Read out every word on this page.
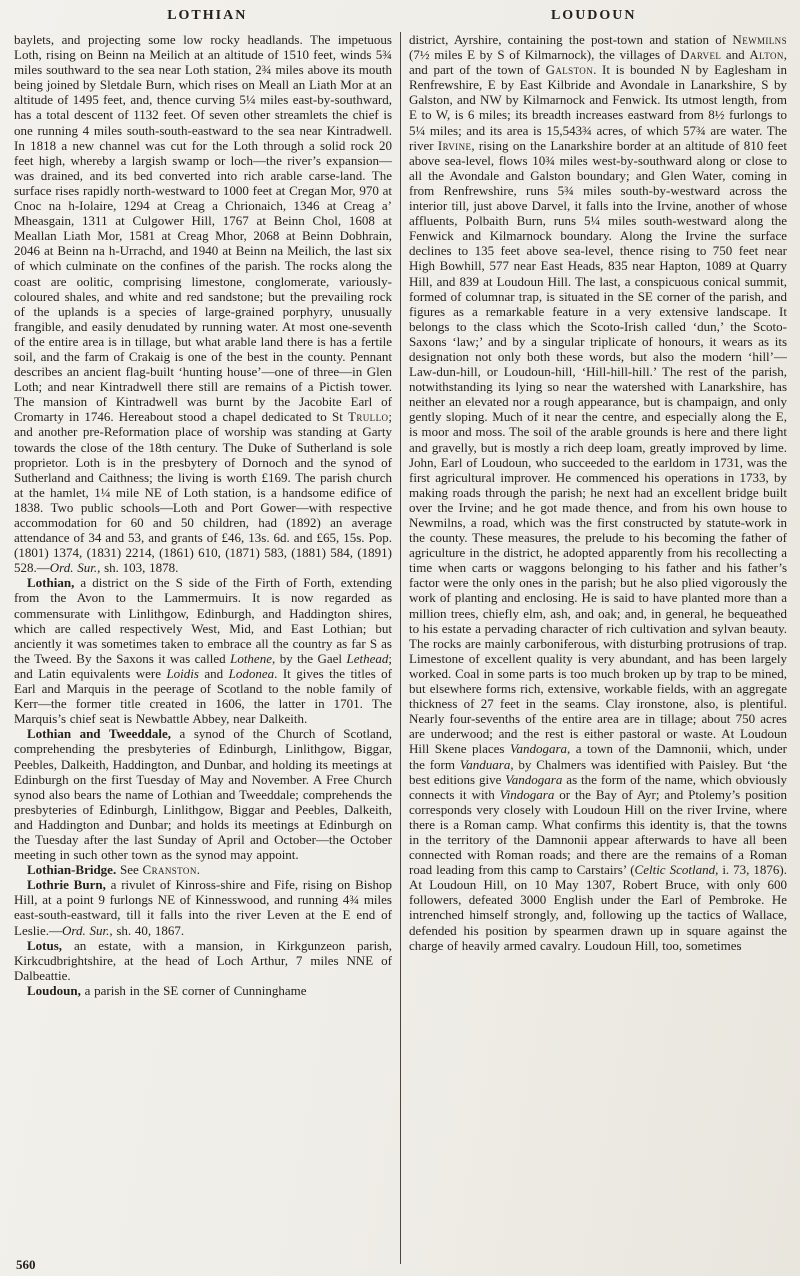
LOTHIAN	LOUDOUN

baylets, and projecting some low rocky headlands. The impetuous Loth, rising on Beinn na Meilich at an altitude of 1510 feet, winds 5¾ miles southward to the sea near Loth station, 2¾ miles above its mouth being joined by Sletdale Burn, which rises on Meall an Liath Mor at an altitude of 1495 feet, and, thence curving 5¼ miles east-by-southward, has a total descent of 1132 feet. Of seven other streamlets the chief is one running 4 miles south-south-eastward to the sea near Kintradwell. In 1818 a new channel was cut for the Loth through a solid rock 20 feet high, whereby a largish swamp or loch—the river’s expansion—was drained, and its bed converted into rich arable carse-land. The surface rises rapidly north-westward to 1000 feet at Cregan Mor, 970 at Cnoc na h-Iolaire, 1294 at Creag a Chrionaich, 1346 at Creag a’ Mheasgain, 1311 at Culgower Hill, 1767 at Beinn Chol, 1608 at Meallan Liath Mor, 1581 at Creag Mhor, 2068 at Beinn Dobhrain, 2046 at Beinn na h-Urrachd, and 1940 at Beinn na Meilich, the last six of which culminate on the confines of the parish. The rocks along the coast are oolitic, comprising limestone, conglomerate, variously-coloured shales, and white and red sandstone; but the prevailing rock of the uplands is a species of large-grained porphyry, unusually frangible, and easily denudated by running water. At most one-seventh of the entire area is in tillage, but what arable land there is has a fertile soil, and the farm of Crakaig is one of the best in the county. Pennant describes an ancient flag-built ‘hunting house’—one of three—in Glen Loth; and near Kintradwell there still are remains of a Pictish tower. The mansion of Kintradwell was burnt by the Jacobite Earl of Cromarty in 1746. Hereabout stood a chapel dedicated to St Trullo; and another pre-Reformation place of worship was standing at Garty towards the close of the 18th century. The Duke of Sutherland is sole proprietor. Loth is in the presbytery of Dornoch and the synod of Sutherland and Caithness; the living is worth £169. The parish church at the hamlet, 1¼ mile NE of Loth station, is a handsome edifice of 1838. Two public schools—Loth and Port Gower—with respective accommodation for 60 and 50 children, had (1892) an average attendance of 34 and 53, and grants of £46, 13s. 6d. and £65, 15s. Pop. (1801) 1374, (1831) 2214, (1861) 610, (1871) 583, (1881) 584, (1891) 528.—Ord. Sur., sh. 103, 1878.

Lothian, a district on the S side of the Firth of Forth, extending from the Avon to the Lammermuirs. It is now regarded as commensurate with Linlithgow, Edinburgh, and Haddington shires, which are called respectively West, Mid, and East Lothian; but anciently it was sometimes taken to embrace all the country as far S as the Tweed. By the Saxons it was called Lothene, by the Gael Lethead; and Latin equivalents were Loidis and Lodonea. It gives the titles of Earl and Marquis in the peerage of Scotland to the noble family of Kerr—the former title created in 1606, the latter in 1701. The Marquis’s chief seat is Newbattle Abbey, near Dalkeith.

Lothian and Tweeddale, a synod of the Church of Scotland, comprehending the presbyteries of Edinburgh, Linlithgow, Biggar, Peebles, Dalkeith, Haddington, and Dunbar, and holding its meetings at Edinburgh on the first Tuesday of May and November. A Free Church synod also bears the name of Lothian and Tweeddale; comprehends the presbyteries of Edinburgh, Linlithgow, Biggar and Peebles, Dalkeith, and Haddington and Dunbar; and holds its meetings at Edinburgh on the Tuesday after the last Sunday of April and October—the October meeting in such other town as the synod may appoint.

Lothian-Bridge. See Cranston.

Lothrie Burn, a rivulet of Kinross-shire and Fife, rising on Bishop Hill, at a point 9 furlongs NE of Kinnesswood, and running 4¾ miles east-south-eastward, till it falls into the river Leven at the E end of Leslie.—Ord. Sur., sh. 40, 1867.

Lotus, an estate, with a mansion, in Kirkgunzeon parish, Kirkcudbrightshire, at the head of Loch Arthur, 7 miles NNE of Dalbeattie.

Loudoun, a parish in the SE corner of Cunninghame

district, Ayrshire, containing the post-town and station of Newmilns (7½ miles E by S of Kilmarnock), the villages of Darvel and Alton, and part of the town of Galston. It is bounded N by Eaglesham in Renfrewshire, E by East Kilbride and Avondale in Lanarkshire, S by Galston, and NW by Kilmarnock and Fenwick. Its utmost length, from E to W, is 6 miles; its breadth increases eastward from 8½ furlongs to 5¼ miles; and its area is 15,543¾ acres, of which 57¾ are water. The river Irvine, rising on the Lanarkshire border at an altitude of 810 feet above sea-level, flows 10¾ miles west-by-southward along or close to all the Avondale and Galston boundary; and Glen Water, coming in from Renfrewshire, runs 5¾ miles south-by-westward across the interior till, just above Darvel, it falls into the Irvine, another of whose affluents, Polbaith Burn, runs 5¼ miles south-westward along the Fenwick and Kilmarnock boundary. Along the Irvine the surface declines to 135 feet above sea-level, thence rising to 750 feet near High Bowhill, 577 near East Heads, 835 near Hapton, 1089 at Quarry Hill, and 839 at Loudoun Hill. The last, a conspicuous conical summit, formed of columnar trap, is situated in the SE corner of the parish, and figures as a remarkable feature in a very extensive landscape. It belongs to the class which the Scoto-Irish called ‘dun,’ the Scoto-Saxons ‘law;’ and by a singular triplicate of honours, it wears as its designation not only both these words, but also the modern ‘hill’—Law-dun-hill, or Loudoun-hill, ‘Hill-hill-hill.’ The rest of the parish, notwithstanding its lying so near the watershed with Lanarkshire, has neither an elevated nor a rough appearance, but is champaign, and only gently sloping. Much of it near the centre, and especially along the E, is moor and moss. The soil of the arable grounds is here and there light and gravelly, but is mostly a rich deep loam, greatly improved by lime. John, Earl of Loudoun, who succeeded to the earldom in 1731, was the first agricultural improver. He commenced his operations in 1733, by making roads through the parish; he next had an excellent bridge built over the Irvine; and he got made thence, and from his own house to Newmilns, a road, which was the first constructed by statute-work in the county. These measures, the prelude to his becoming the father of agriculture in the district, he adopted apparently from his recollecting a time when carts or waggons belonging to his father and his father’s factor were the only ones in the parish; but he also plied vigorously the work of planting and enclosing. He is said to have planted more than a million trees, chiefly elm, ash, and oak; and, in general, he bequeathed to his estate a pervading character of rich cultivation and sylvan beauty. The rocks are mainly carboniferous, with disturbing protrusions of trap. Limestone of excellent quality is very abundant, and has been largely worked. Coal in some parts is too much broken up by trap to be mined, but elsewhere forms rich, extensive, workable fields, with an aggregate thickness of 27 feet in the seams. Clay ironstone, also, is plentiful. Nearly four-sevenths of the entire area are in tillage; about 750 acres are underwood; and the rest is either pastoral or waste. At Loudoun Hill Skene places Vandogara, a town of the Damnonii, which, under the form Vanduara, by Chalmers was identified with Paisley. But ‘the best editions give Vandogara as the form of the name, which obviously connects it with Vindogara or the Bay of Ayr; and Ptolemy’s position corresponds very closely with Loudoun Hill on the river Irvine, where there is a Roman camp. What confirms this identity is, that the towns in the territory of the Damnonii appear afterwards to have all been connected with Roman roads; and there are the remains of a Roman road leading from this camp to Carstairs’ (Celtic Scotland, i. 73, 1876). At Loudoun Hill, on 10 May 1307, Robert Bruce, with only 600 followers, defeated 3000 English under the Earl of Pembroke. He intrenched himself strongly, and, following up the tactics of Wallace, defended his position by spearmen drawn up in square against the charge of heavily armed cavalry. Loudoun Hill, too, sometimes

560
